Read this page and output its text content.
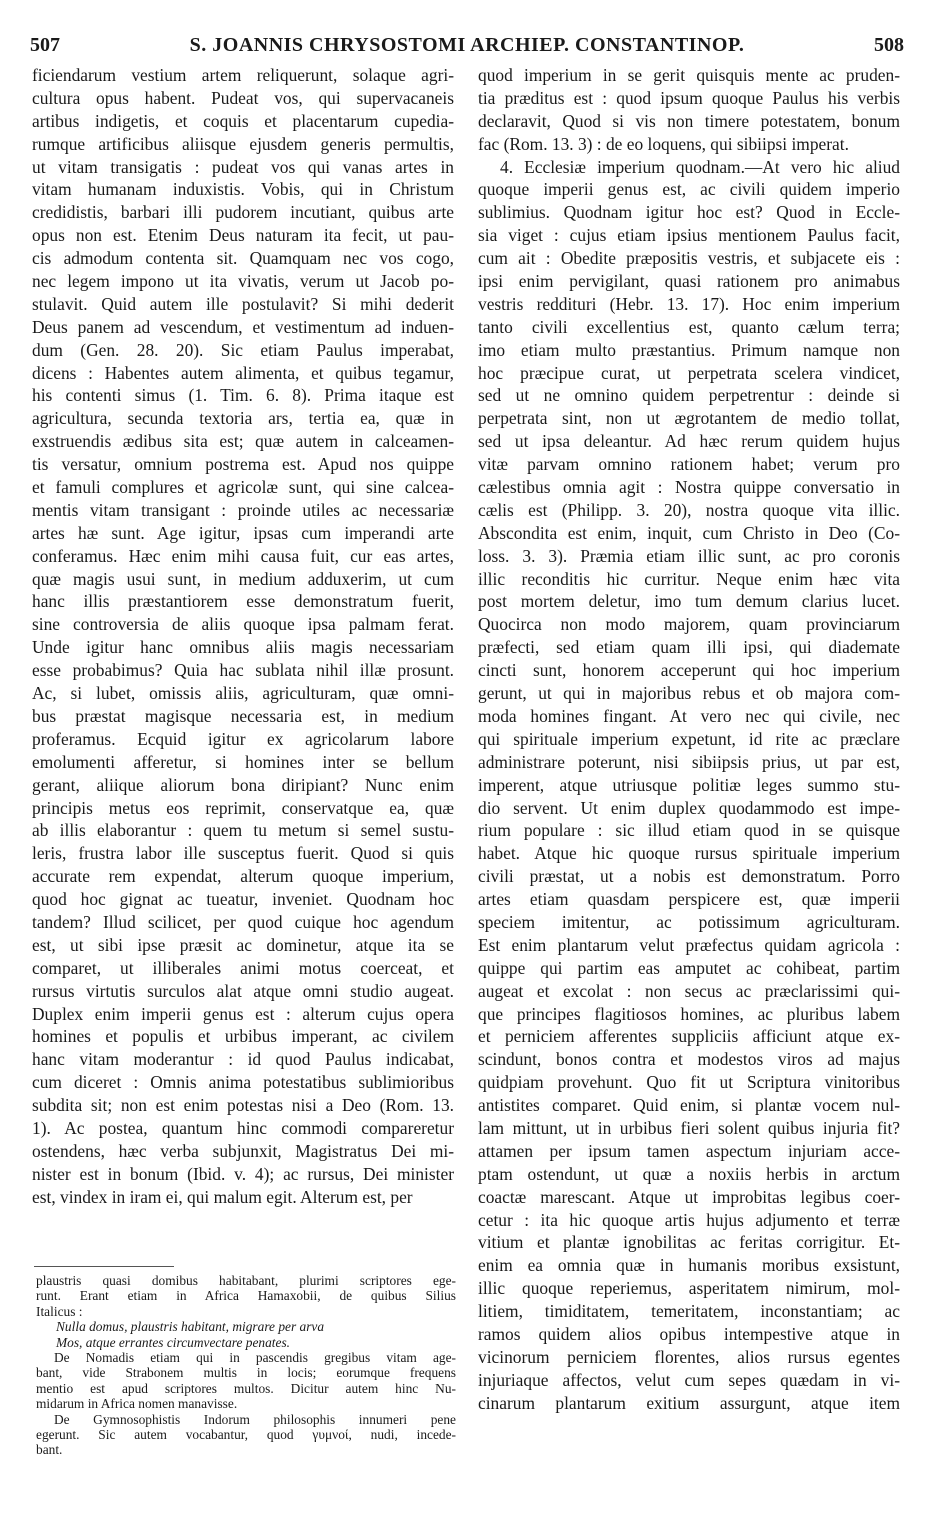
507	S. JOANNIS CHRYSOSTOMI ARCHIEP. CONSTANTINOP.	508
ficiendarum vestium artem reliquerunt, solaque agri-
cultura opus habent. Pudeat vos, qui supervacaneis
artibus indigetis, et coquis et placentarum cupedia-
rumque artificibus aliisque ejusdem generis permultis,
ut vitam transigatis : pudeat vos qui vanas artes in
vitam humanam induxistis. Vobis, qui in Christum
credidistis, barbari illi pudorem incutiant, quibus arte
opus non est. Etenim Deus naturam ita fecit, ut pau-
cis admodum contenta sit. Quamquam nec vos cogo,
nec legem impono ut ita vivatis, verum ut Jacob po-
stulavit. Quid autem ille postulavit? Si mihi dederit
Deus panem ad vescendum, et vestimentum ad induen-
dum (Gen. 28. 20). Sic etiam Paulus imperabat,
dicens : Habentes autem alimenta, et quibus tegamur,
his contenti simus (1. Tim. 6. 8). Prima itaque est
agricultura, secunda textoria ars, tertia ea, quæ in
exstruendis ædibus sita est; quæ autem in calceamen-
tis versatur, omnium postrema est. Apud nos quippe
et famuli complures et agricolæ sunt, qui sine calcea-
mentis vitam transigant : proinde utiles ac necessariæ
artes hæ sunt. Age igitur, ipsas cum imperandi arte
conferamus. Hæc enim mihi causa fuit, cur eas artes,
quæ magis usui sunt, in medium adduxerim, ut cum
hanc illis præstantiorem esse demonstratum fuerit,
sine controversia de aliis quoque ipsa palmam ferat.
Unde igitur hanc omnibus aliis magis necessariam
esse probabimus? Quia hac sublata nihil illæ prosunt.
Ac, si lubet, omissis aliis, agriculturam, quæ omni-
bus præstat magisque necessaria est, in medium
proferamus. Ecquid igitur ex agricolarum labore
emolumenti afferetur, si homines inter se bellum
gerant, aliique aliorum bona diripiant? Nunc enim
principis metus eos reprimit, conservatque ea, quæ
ab illis elaborantur : quem tu metum si semel sustu-
leris, frustra labor ille susceptus fuerit. Quod si quis
accurate rem expendat, alterum quoque imperium,
quod hoc gignat ac tueatur, inveniet. Quodnam hoc
tandem? Illud scilicet, per quod cuique hoc agendum
est, ut sibi ipse præsit ac dominetur, atque ita se
comparet, ut illiberales animi motus coerceat, et
rursus virtutis surculos alat atque omni studio augeat.
Duplex enim imperii genus est : alterum cujus opera
homines et populis et urbibus imperant, ac civilem
hanc vitam moderantur : id quod Paulus indicabat,
cum diceret : Omnis anima potestatibus sublimioribus
subdita sit; non est enim potestas nisi a Deo (Rom. 13.
1). Ac postea, quantum hinc commodi compareretur
ostendens, hæc verba subjunxit, Magistratus Dei mi-
nister est in bonum (Ibid. v. 4); ac rursus, Dei minister
est, vindex in iram ei, qui malum egit. Alterum est, per
quod imperium in se gerit quisquis mente ac pruden-
tia præditus est : quod ipsum quoque Paulus his verbis
declaravit, Quod si vis non timere potestatem, bonum
fac (Rom. 13. 3) : de eo loquens, qui sibiipsi imperat.
4. Ecclesiæ imperium quodnam.—At vero hic aliud
quoque imperii genus est, ac civili quidem imperio
sublimius. Quodnam igitur hoc est? Quod in Eccle-
sia viget : cujus etiam ipsius mentionem Paulus facit,
cum ait : Obedite præpositis vestris, et subjacete eis :
ipsi enim pervigilant, quasi rationem pro animabus
vestris reddituri (Hebr. 13. 17). Hoc enim imperium
tanto civili excellentius est, quanto cælum terra;
imo etiam multo præstantius. Primum namque non
hoc præcipue curat, ut perpetrata scelera vindicet,
sed ut ne omnino quidem perpetrentur : deinde si
perpetrata sint, non ut ægrotantem de medio tollat,
sed ut ipsa deleantur. Ad hæc rerum quidem hujus
vitæ parvam omnino rationem habet; verum pro
cælestibus omnia agit : Nostra quippe conversatio in
cælis est (Philipp. 3. 20), nostra quoque vita illic.
Abscondita est enim, inquit, cum Christo in Deo (Co-
loss. 3. 3). Præmia etiam illic sunt, ac pro coronis
illic reconditis hic curritur. Neque enim hæc vita
post mortem deletur, imo tum demum clarius lucet.
Quocirca non modo majorem, quam provinciarum
præfecti, sed etiam quam illi ipsi, qui diademate
cincti sunt, honorem acceperunt qui hoc imperium
gerunt, ut qui in majoribus rebus et ob majora com-
moda homines fingant. At vero nec qui civile, nec
qui spirituale imperium expetunt, id rite ac præclare
administrare poterunt, nisi sibiipsis prius, ut par est,
imperent, atque utriusque politiæ leges summo stu-
dio servent. Ut enim duplex quodammodo est impe-
rium populare : sic illud etiam quod in se quisque
habet. Atque hic quoque rursus spirituale imperium
civili præstat, ut a nobis est demonstratum. Porro
artes etiam quasdam perspicere est, quæ imperii
speciem imitentur, ac potissimum agriculturam.
Est enim plantarum velut præfectus quidam agricola :
quippe qui partim eas amputet ac cohibeat, partim
augeat et excolat : non secus ac præclarissimi qui-
que principes flagitiosos homines, ac pluribus labem
et perniciem afferentes suppliciis afficiunt atque ex-
scindunt, bonos contra et modestos viros ad majus
quidpiam provehunt. Quo fit ut Scriptura vinitoribus
antistites comparet. Quid enim, si plantæ vocem nul-
lam mittunt, ut in urbibus fieri solent quibus injuria fit?
attamen per ipsum tamen aspectum injuriam acce-
ptam ostendunt, ut quæ a noxiis herbis in arctum
coactæ marescant. Atque ut improbitas legibus coer-
cetur : ita hic quoque artis hujus adjumento et terræ
vitium et plantæ ignobilitas ac feritas corrigitur. Et-
enim ea omnia quæ in humanis moribus exsistunt,
illic quoque reperiemus, asperitatem nimirum, mol-
litiem, timiditatem, temeritatem, inconstantiam; ac
ramos quidem alios opibus intempestive atque in
vicinorum perniciem florentes, alios rursus egentes
injuriaque affectos, velut cum sepes quædam in vi-
cinarum plantarum exitium assurgunt, atque item
plaustris quasi domibus habitabant, plurimi scriptores ege-
runt. Erant etiam in Africa Hamaxobii, de quibus Silius
Italicus :
Nulla domus, plaustris habitant, migrare per arva
Mos, atque errantes circumvectare penates.
De Nomadis etiam qui in pascendis gregibus vitam age-
bant, vide Strabonem multis in locis; eorumque frequens
mentio est apud scriptores multos. Dicitur autem hinc Nu-
midarum in Africa nomen manavisse.
De Gymnosophistis Indorum philosophis innumeri pene
egerunt. Sic autem vocabantur, quod γυμνοί, nudi, incede-
bant.
